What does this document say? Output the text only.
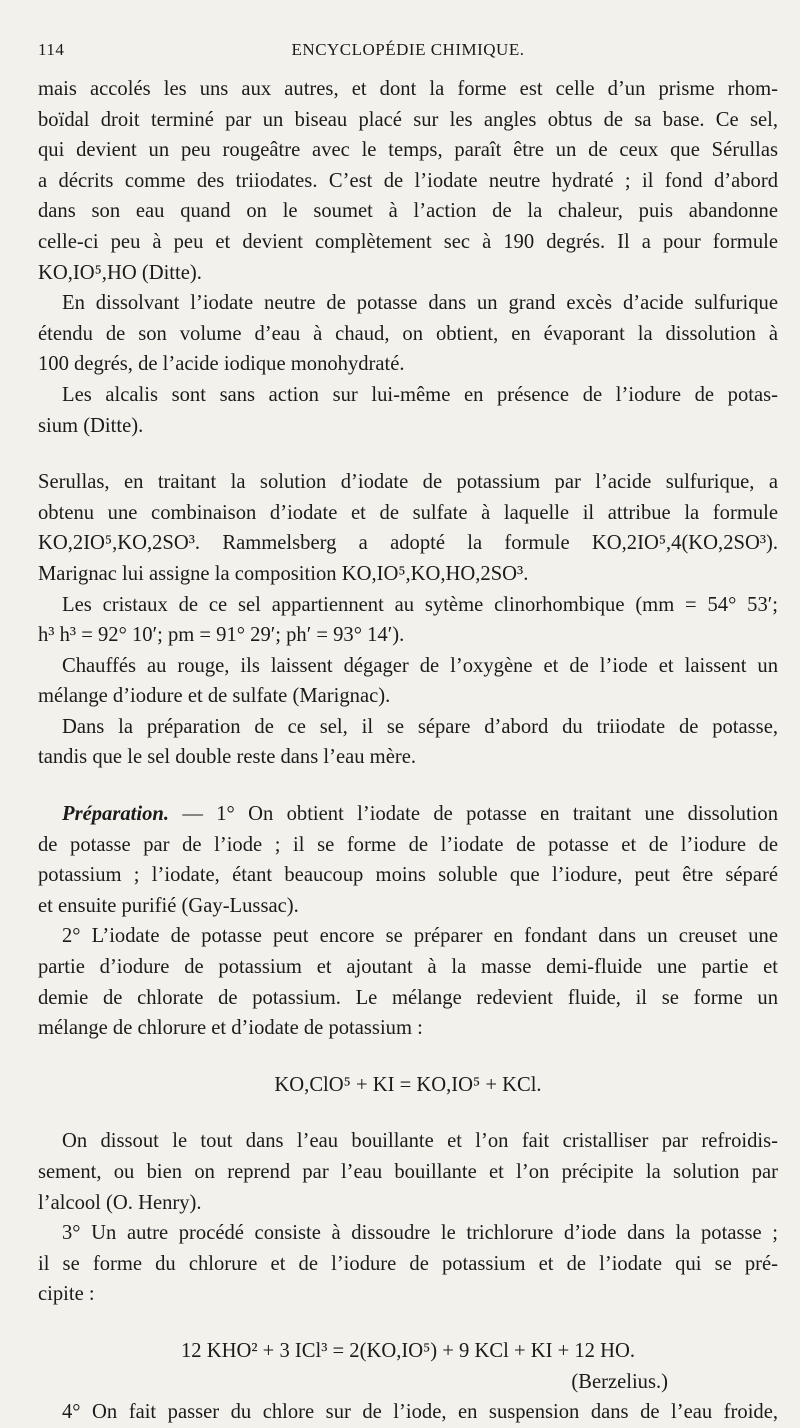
114	ENCYCLOPÉDIE CHIMIQUE.
mais accolés les uns aux autres, et dont la forme est celle d’un prisme rhom-
boïdal droit terminé par un biseau placé sur les angles obtus de sa base. Ce sel,
qui devient un peu rougeâtre avec le temps, paraît être un de ceux que Sérullas
a décrits comme des triiodates. C’est de l’iodate neutre hydraté ; il fond d’abord
dans son eau quand on le soumet à l’action de la chaleur, puis abandonne
celle-ci peu à peu et devient complètement sec à 190 degrés. Il a pour formule
KO,IO⁵,HO (Ditte).
En dissolvant l’iodate neutre de potasse dans un grand excès d’acide sulfurique
étendu de son volume d’eau à chaud, on obtient, en évaporant la dissolution à
100 degrés, de l’acide iodique monohydraté.
Les alcalis sont sans action sur lui-même en présence de l’iodure de potas-
sium (Ditte).
Serullas, en traitant la solution d’iodate de potassium par l’acide sulfurique, a
obtenu une combinaison d’iodate et de sulfate à laquelle il attribue la formule
KO,2IO⁵,KO,2SO³. Rammelsberg a adopté la formule KO,2IO⁵,4(KO,2SO³).
Marignac lui assigne la composition KO,IO⁵,KO,HO,2SO³.
Les cristaux de ce sel appartiennent au sytème clinorhombique (mm = 54° 53′;
h³ h³ = 92° 10′; pm = 91° 29′; ph′ = 93° 14′).
Chauffés au rouge, ils laissent dégager de l’oxygène et de l’iode et laissent un
mélange d’iodure et de sulfate (Marignac).
Dans la préparation de ce sel, il se sépare d’abord du triiodate de potasse,
tandis que le sel double reste dans l’eau mère.
Préparation. — 1° On obtient l’iodate de potasse en traitant une dissolution
de potasse par de l’iode ; il se forme de l’iodate de potasse et de l’iodure de
potassium ; l’iodate, étant beaucoup moins soluble que l’iodure, peut être séparé
et ensuite purifié (Gay-Lussac).
2° L’iodate de potasse peut encore se préparer en fondant dans un creuset une
partie d’iodure de potassium et ajoutant à la masse demi-fluide une partie et
demie de chlorate de potassium. Le mélange redevient fluide, il se forme un
mélange de chlorure et d’iodate de potassium :
KO,ClO⁵ + KI = KO,IO⁵ + KCl.
On dissout le tout dans l’eau bouillante et l’on fait cristalliser par refroidis-
sement, ou bien on reprend par l’eau bouillante et l’on précipite la solution par
l’alcool (O. Henry).
3° Un autre procédé consiste à dissoudre le trichlorure d’iode dans la potasse ;
il se forme du chlorure et de l’iodure de potassium et de l’iodate qui se pré-
cipite :
12 KHO² + 3 ICl³ = 2(KO,IO⁵) + 9 KCl + KI + 12 HO.
(Berzelius.)
4° On fait passer du chlore sur de l’iode, en suspension dans de l’eau froide,
